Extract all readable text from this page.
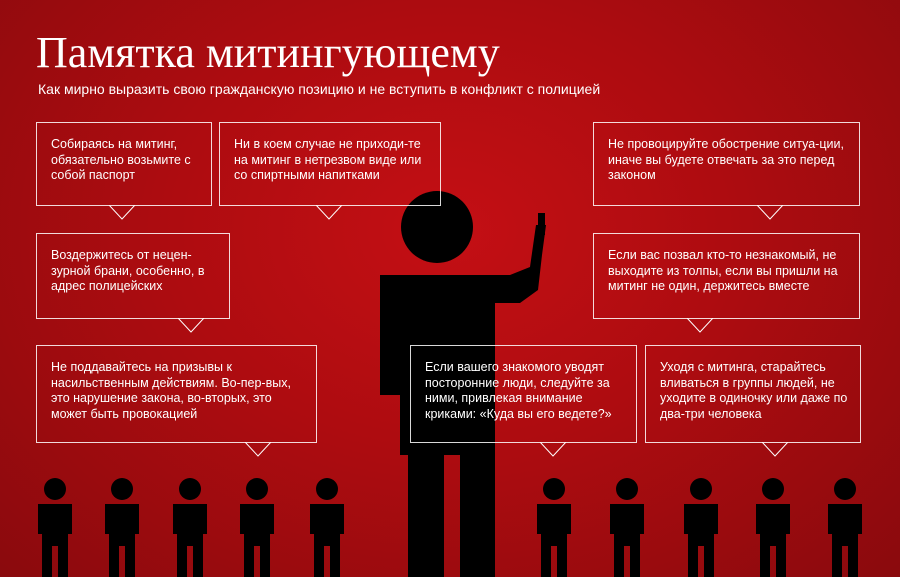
Памятка митингующему
Как мирно выразить свою гражданскую позицию и не вступить в конфликт с полицией
Собираясь на митинг, обязательно возьмите с собой паспорт
Ни в коем случае не приходи-те на митинг в нетрезвом виде или со спиртными напитками
Не провоцируйте обострение ситуа-ции, иначе вы будете отвечать за это перед законом
Воздержитесь от нецен-зурной брани, особенно, в адрес полицейских
Если вас позвал кто-то незнакомый, не выходите из толпы, если вы пришли на митинг не один, держитесь вместе
Не поддавайтесь на призывы к насильственным действиям. Во-пер-вых, это нарушение закона, во-вторых, это может быть провокацией
Если вашего знакомого уводят посторонние люди, следуйте за ними, привлекая внимание криками: «Куда вы его ведете?»
Уходя с митинга, старайтесь вливаться в группы людей, не уходите в одиночку или даже по два-три человека
